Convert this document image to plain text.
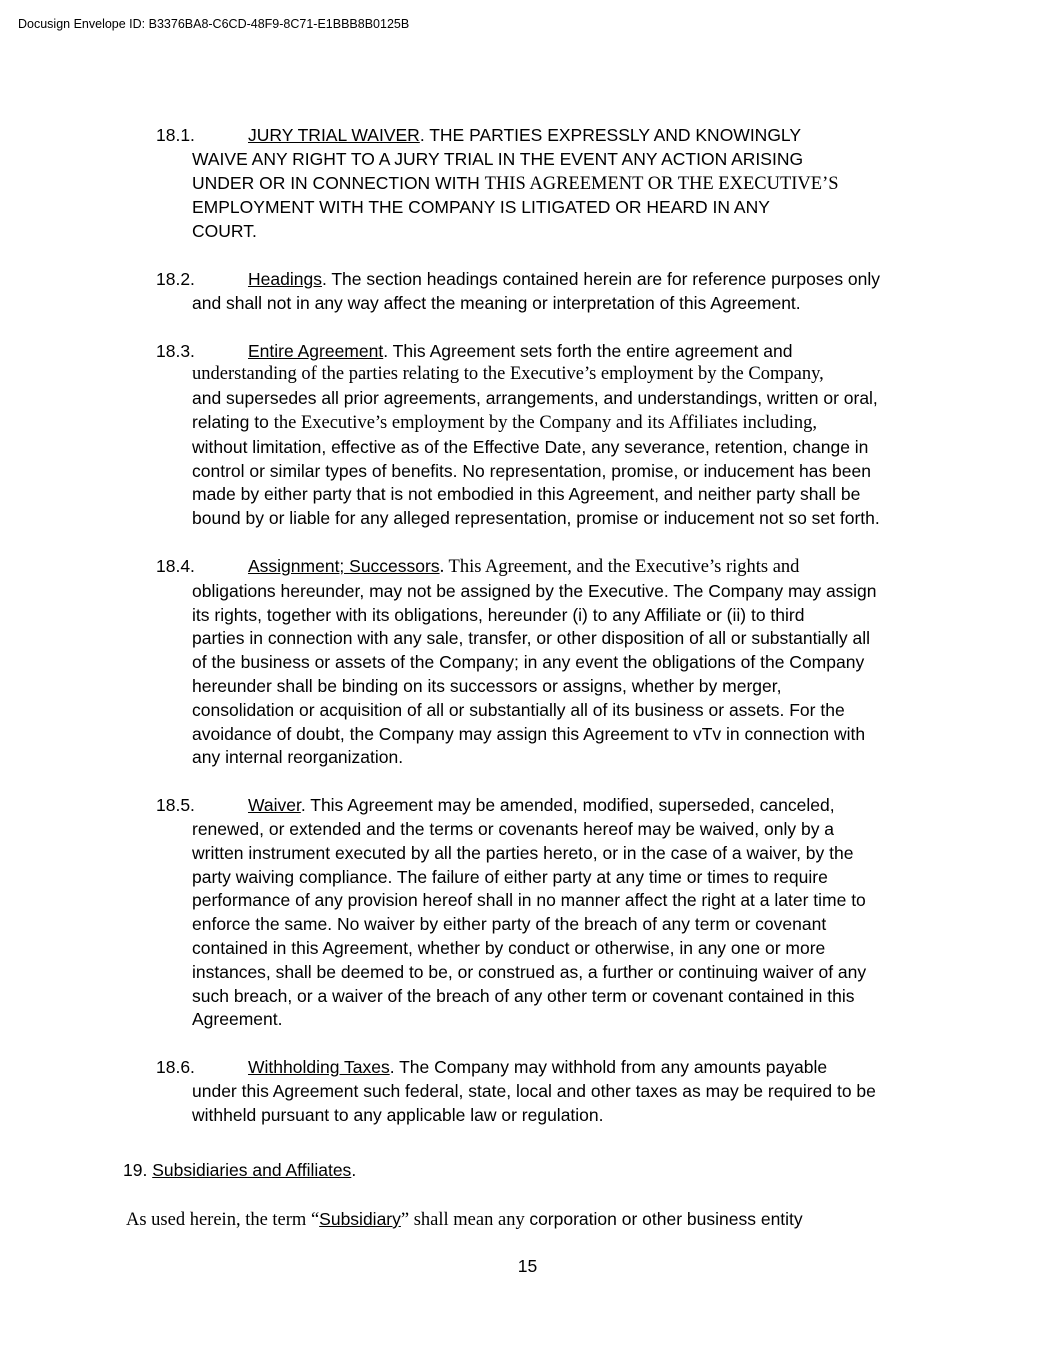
Docusign Envelope ID: B3376BA8-C6CD-48F9-8C71-E1BBB8B0125B
18.1.	JURY TRIAL WAIVER. THE PARTIES EXPRESSLY AND KNOWINGLY
WAIVE ANY RIGHT TO A JURY TRIAL IN THE EVENT ANY ACTION ARISING
UNDER OR IN CONNECTION WITH THIS AGREEMENT OR THE EXECUTIVE’S
EMPLOYMENT WITH THE COMPANY IS LITIGATED OR HEARD IN ANY
COURT.
18.2.	Headings. The section headings contained herein are for reference purposes only
and shall not in any way affect the meaning or interpretation of this Agreement.
18.3.	Entire Agreement. This Agreement sets forth the entire agreement and
understanding of the parties relating to the Executive’s employment by the Company,
and supersedes all prior agreements, arrangements, and understandings, written or oral,
relating to the Executive’s employment by the Company and its Affiliates including,
without limitation, effective as of the Effective Date, any severance, retention, change in
control or similar types of benefits. No representation, promise, or inducement has been
made by either party that is not embodied in this Agreement, and neither party shall be
bound by or liable for any alleged representation, promise or inducement not so set forth.
18.4.	Assignment; Successors. This Agreement, and the Executive’s rights and
obligations hereunder, may not be assigned by the Executive. The Company may assign
its rights, together with its obligations, hereunder (i) to any Affiliate or (ii) to third
parties in connection with any sale, transfer, or other disposition of all or substantially all
of the business or assets of the Company; in any event the obligations of the Company
hereunder shall be binding on its successors or assigns, whether by merger,
consolidation or acquisition of all or substantially all of its business or assets. For the
avoidance of doubt, the Company may assign this Agreement to vTv in connection with
any internal reorganization.
18.5.	Waiver. This Agreement may be amended, modified, superseded, canceled,
renewed, or extended and the terms or covenants hereof may be waived, only by a
written instrument executed by all the parties hereto, or in the case of a waiver, by the
party waiving compliance. The failure of either party at any time or times to require
performance of any provision hereof shall in no manner affect the right at a later time to
enforce the same. No waiver by either party of the breach of any term or covenant
contained in this Agreement, whether by conduct or otherwise, in any one or more
instances, shall be deemed to be, or construed as, a further or continuing waiver of any
such breach, or a waiver of the breach of any other term or covenant contained in this
Agreement.
18.6.	Withholding Taxes. The Company may withhold from any amounts payable
under this Agreement such federal, state, local and other taxes as may be required to be
withheld pursuant to any applicable law or regulation.
19. Subsidiaries and Affiliates.
As used herein, the term “Subsidiary” shall mean any corporation or other business entity
15
